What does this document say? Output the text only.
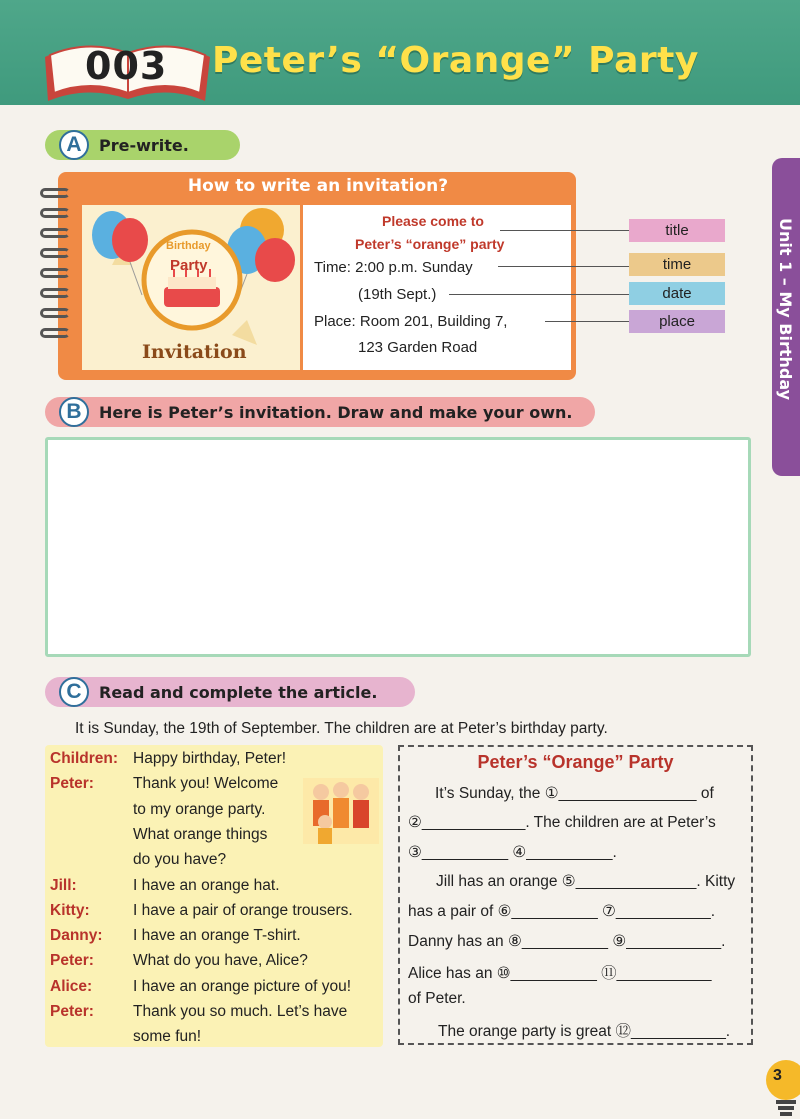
003 Peter’s “Orange” Party
Unit 1 – My Birthday
A	Pre-write.
How to write an invitation?
Birthday
Party
Invitation
Please come to
Peter’s “orange” party
Time: 2:00 p.m. Sunday
(19th Sept.)
Place: Room 201, Building 7,
123 Garden Road
title
time
date
place
B	Here is Peter’s invitation. Draw and make your own.
C	Read and complete the article.
It is Sunday, the 19th of September. The children are at Peter’s birthday party.
Children: Happy birthday, Peter!
Peter:	Thank you! Welcome
to my orange party.
What orange things
do you have?
Jill:	I have an orange hat.
Kitty:	I have a pair of orange trousers.
Danny: I have an orange T-shirt.
Peter:	What do you have, Alice?
Alice:	I have an orange picture of you!
Peter:	Thank you so much. Let’s have
some fun!
Peter’s “Orange” Party
It’s Sunday, the ①________________ of
②____________. The children are at Peter’s
③__________ ④__________.
Jill has an orange ⑤______________. Kitty
has a pair of ⑥__________ ⑦___________.
Danny has an ⑧__________ ⑨___________.
Alice has an ⑩__________ ⑪___________
of Peter.
The orange party is great ⑫___________.
3
